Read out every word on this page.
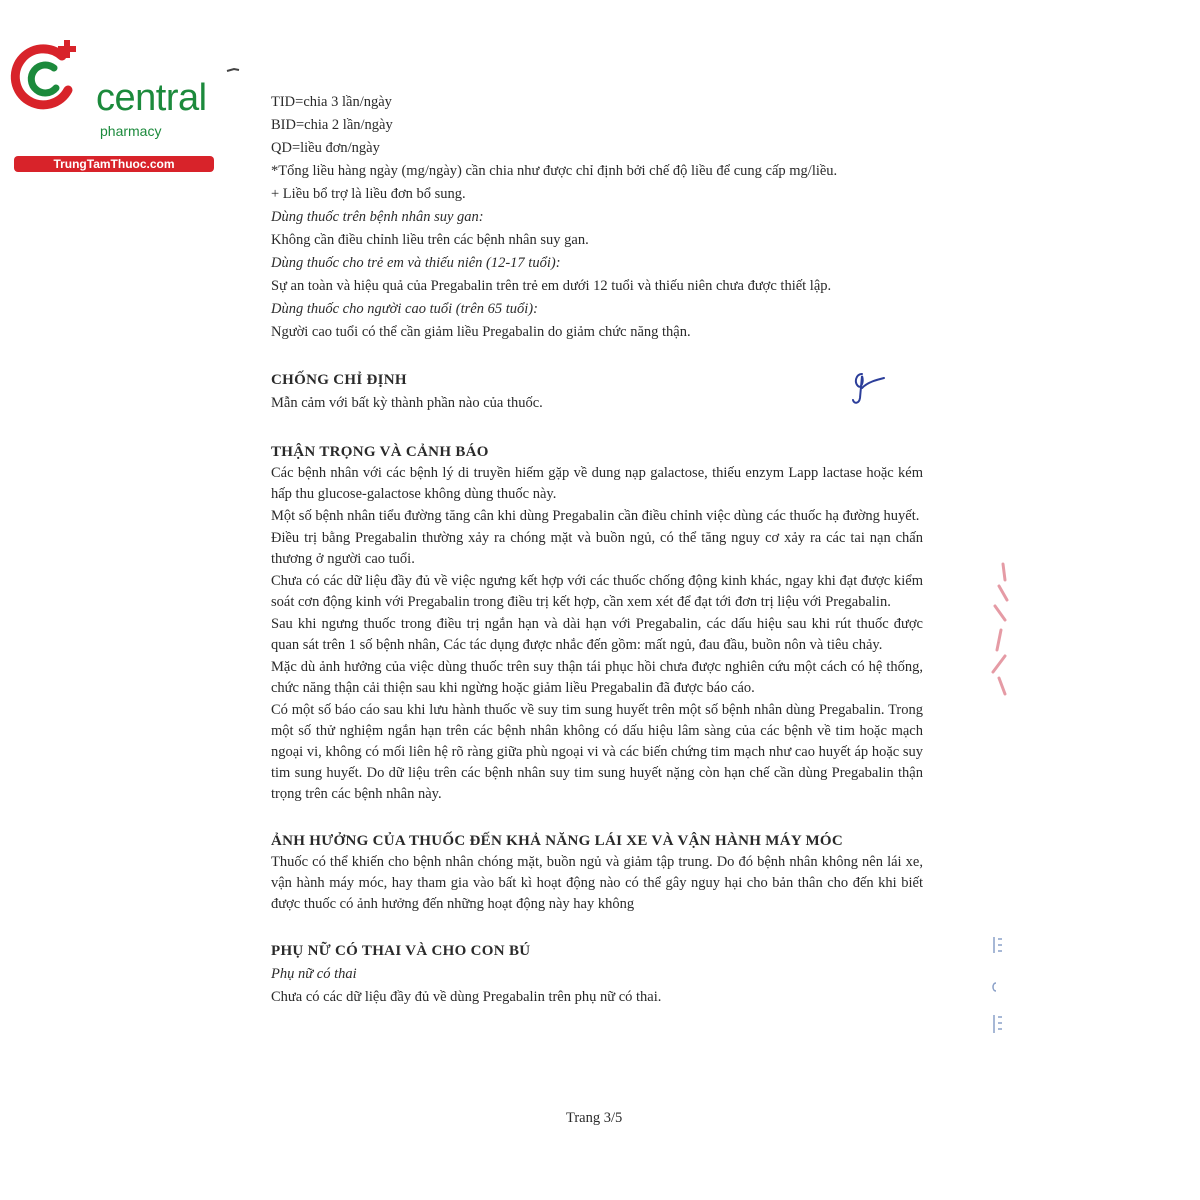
central

pharmacy
TrungTamThuoc.com

TID=chia 3 lần/ngày

BID=chia 2 lần/ngày

QD=liều đơn/ngày

*Tổng liều hàng ngày (mg/ngày) cần chia như được chỉ định bởi chế độ liều để cung cấp mg/liều.

+ Liều bổ trợ là liều đơn bổ sung.

Dùng thuốc trên bệnh nhân suy gan:

Không cần điều chỉnh liều trên các bệnh nhân suy gan.

Dùng thuốc cho trẻ em và thiếu niên (12-17 tuổi):

Sự an toàn và hiệu quả của Pregabalin trên trẻ em dưới 12 tuổi và thiếu niên chưa được thiết lập.

Dùng thuốc cho người cao tuổi (trên 65 tuổi):

Người cao tuổi có thể cần giảm liều Pregabalin do giảm chức năng thận.

CHỐNG CHỈ ĐỊNH

Mẫn cảm với bất kỳ thành phần nào của thuốc.

THẬN TRỌNG VÀ CẢNH BÁO

Các bệnh nhân với các bệnh lý di truyền hiếm gặp về dung nạp galactose, thiếu enzym Lapp lactase hoặc kém hấp thu glucose-galactose không dùng thuốc này.

Một số bệnh nhân tiểu đường tăng cân khi dùng Pregabalin cần điều chỉnh việc dùng các thuốc hạ đường huyết.

Điều trị bằng Pregabalin thường xảy ra chóng mặt và buồn ngủ, có thể tăng nguy cơ xảy ra các tai nạn chấn thương ở người cao tuổi.

Chưa có các dữ liệu đầy đủ về việc ngưng kết hợp với các thuốc chống động kinh khác, ngay khi đạt được kiểm soát cơn động kinh với Pregabalin trong điều trị kết hợp, cần xem xét để đạt tới đơn trị liệu với Pregabalin.

Sau khi ngưng thuốc trong điều trị ngắn hạn và dài hạn với Pregabalin, các dấu hiệu sau khi rút thuốc được quan sát trên 1 số bệnh nhân, Các tác dụng được nhắc đến gồm: mất ngủ, đau đầu, buồn nôn và tiêu chảy.

Mặc dù ảnh hưởng của việc dùng thuốc trên suy thận tái phục hồi chưa được nghiên cứu một cách có hệ thống, chức năng thận cải thiện sau khi ngừng hoặc giảm liều Pregabalin đã được báo cáo.

Có một số báo cáo sau khi lưu hành thuốc về suy tim sung huyết trên một số bệnh nhân dùng Pregabalin. Trong một số thử nghiệm ngắn hạn trên các bệnh nhân không có dấu hiệu lâm sàng của các bệnh về tim hoặc mạch ngoại vi, không có mối liên hệ rõ ràng giữa phù ngoại vi và các biến chứng tim mạch như cao huyết áp hoặc suy tim sung huyết. Do dữ liệu trên các bệnh nhân suy tim sung huyết nặng còn hạn chế cần dùng Pregabalin thận trọng trên các bệnh nhân này.

ẢNH HƯỞNG CỦA THUỐC ĐẾN KHẢ NĂNG LÁI XE VÀ VẬN HÀNH MÁY MÓC

Thuốc có thể khiến cho bệnh nhân chóng mặt, buồn ngủ và giảm tập trung. Do đó bệnh nhân không nên lái xe, vận hành máy móc, hay tham gia vào bất kì hoạt động nào có thể gây nguy hại cho bản thân cho đến khi biết được thuốc có ảnh hưởng đến những hoạt động này hay không

PHỤ NỮ CÓ THAI VÀ CHO CON BÚ

Phụ nữ có thai

Chưa có các dữ liệu đầy đủ về dùng Pregabalin trên phụ nữ có thai.

Trang 3/5
